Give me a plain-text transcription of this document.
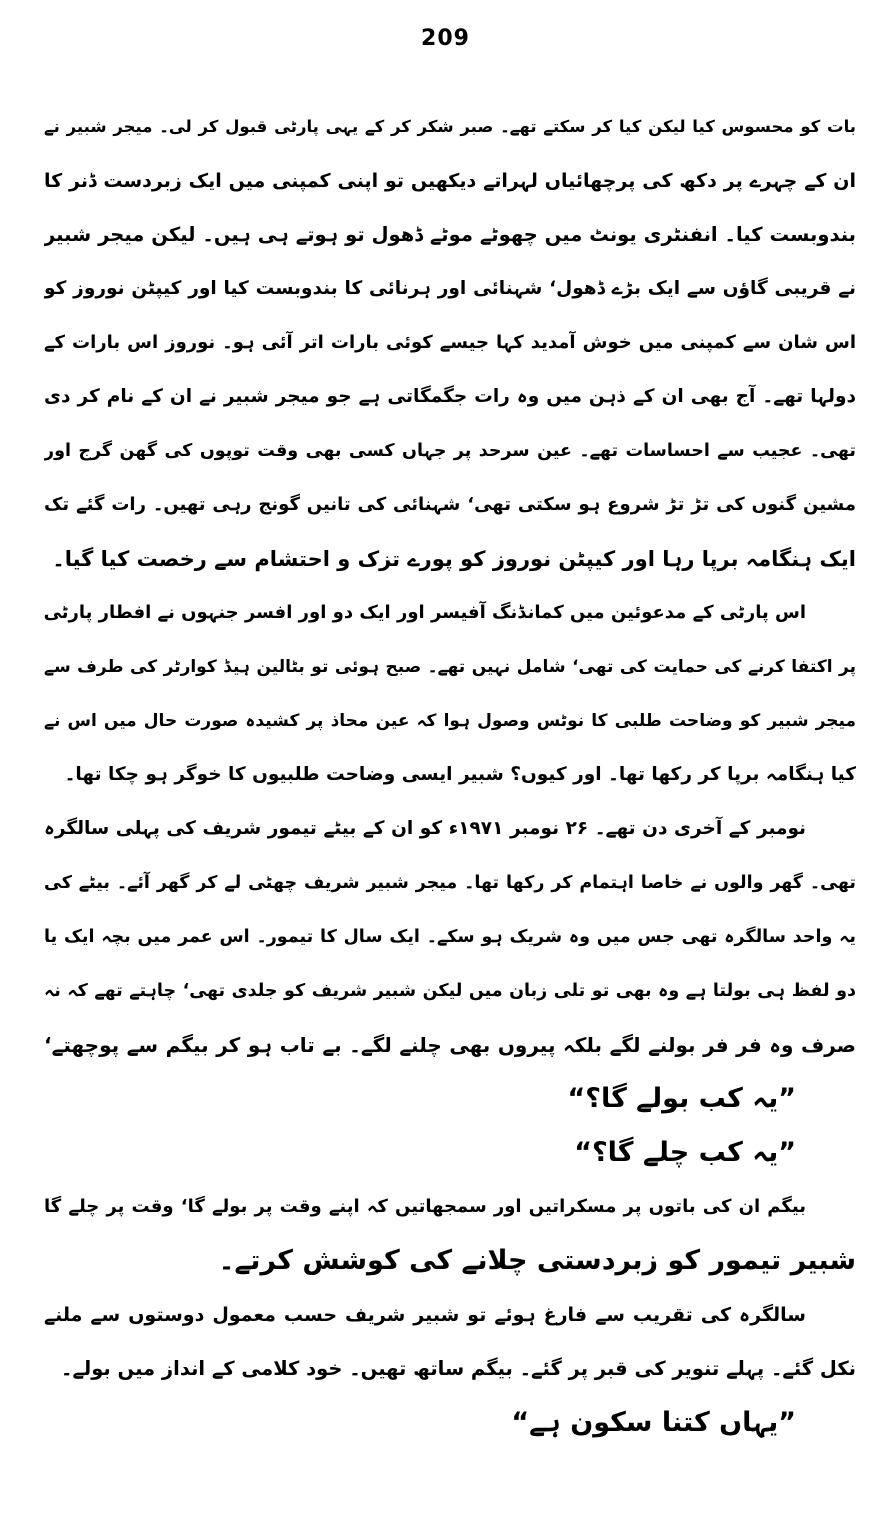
209
بات کو محسوس کیا لیکن کیا کر سکتے تھے۔ صبر شکر کر کے یہی پارٹی قبول کر لی۔ میجر شبیر نے
ان کے چہرے پر دکھ کی پرچھائیاں لہراتے دیکھیں تو اپنی کمپنی میں ایک زبردست ڈنر کا
بندوبست کیا۔ انفنٹری یونٹ میں چھوٹے موٹے ڈھول تو ہوتے ہی ہیں۔ لیکن میجر شبیر
نے قریبی گاؤں سے ایک بڑے ڈھول‘ شہنائی اور ہرنائی کا بندوبست کیا اور کیپٹن نوروز کو
اس شان سے کمپنی میں خوش آمدید کہا جیسے کوئی بارات اتر آئی ہو۔ نوروز اس بارات کے
دولہا تھے۔ آج بھی ان کے ذہن میں وہ رات جگمگاتی ہے جو میجر شبیر نے ان کے نام کر دی
تھی۔ عجیب سے احساسات تھے۔ عین سرحد پر جہاں کسی بھی وقت توپوں کی گھن گرج اور
مشین گنوں کی تڑ تڑ شروع ہو سکتی تھی‘ شہنائی کی تانیں گونج رہی تھیں۔ رات گئے تک
ایک ہنگامہ برپا رہا اور کیپٹن نوروز کو پورے تزک و احتشام سے رخصت کیا گیا۔
اس پارٹی کے مدعوئین میں کمانڈنگ آفیسر اور ایک دو اور افسر جنہوں نے افطار پارٹی
پر اکتفا کرنے کی حمایت کی تھی‘ شامل نہیں تھے۔ صبح ہوئی تو بٹالین ہیڈ کوارٹر کی طرف سے
میجر شبیر کو وضاحت طلبی کا نوٹس وصول ہوا کہ عین محاذ پر کشیدہ صورت حال میں اس نے
کیا ہنگامہ برپا کر رکھا تھا۔ اور کیوں؟ شبیر ایسی وضاحت طلبیوں کا خوگر ہو چکا تھا۔
نومبر کے آخری دن تھے۔ ۲۶ نومبر ۱۹۷۱ء کو ان کے بیٹے تیمور شریف کی پہلی سالگرہ
تھی۔ گھر والوں نے خاصا اہتمام کر رکھا تھا۔ میجر شبیر شریف چھٹی لے کر گھر آئے۔ بیٹے کی
یہ واحد سالگرہ تھی جس میں وہ شریک ہو سکے۔ ایک سال کا تیمور۔ اس عمر میں بچہ ایک یا
دو لفظ ہی بولتا ہے وہ بھی تو تلی زبان میں لیکن شبیر شریف کو جلدی تھی‘ چاہتے تھے کہ نہ
صرف وہ فر فر بولنے لگے بلکہ پیروں بھی چلنے لگے۔ بے تاب ہو کر بیگم سے پوچھتے‘
”یہ کب بولے گا؟“
”یہ کب چلے گا؟“
بیگم ان کی باتوں پر مسکراتیں اور سمجھاتیں کہ اپنے وقت پر بولے گا‘ وقت پر چلے گا
شبیر تیمور کو زبردستی چلانے کی کوشش کرتے۔
سالگرہ کی تقریب سے فارغ ہوئے تو شبیر شریف حسب معمول دوستوں سے ملنے
نکل گئے۔ پہلے تنویر کی قبر پر گئے۔ بیگم ساتھ تھیں۔ خود کلامی کے انداز میں بولے۔
”یہاں کتنا سکون ہے“
